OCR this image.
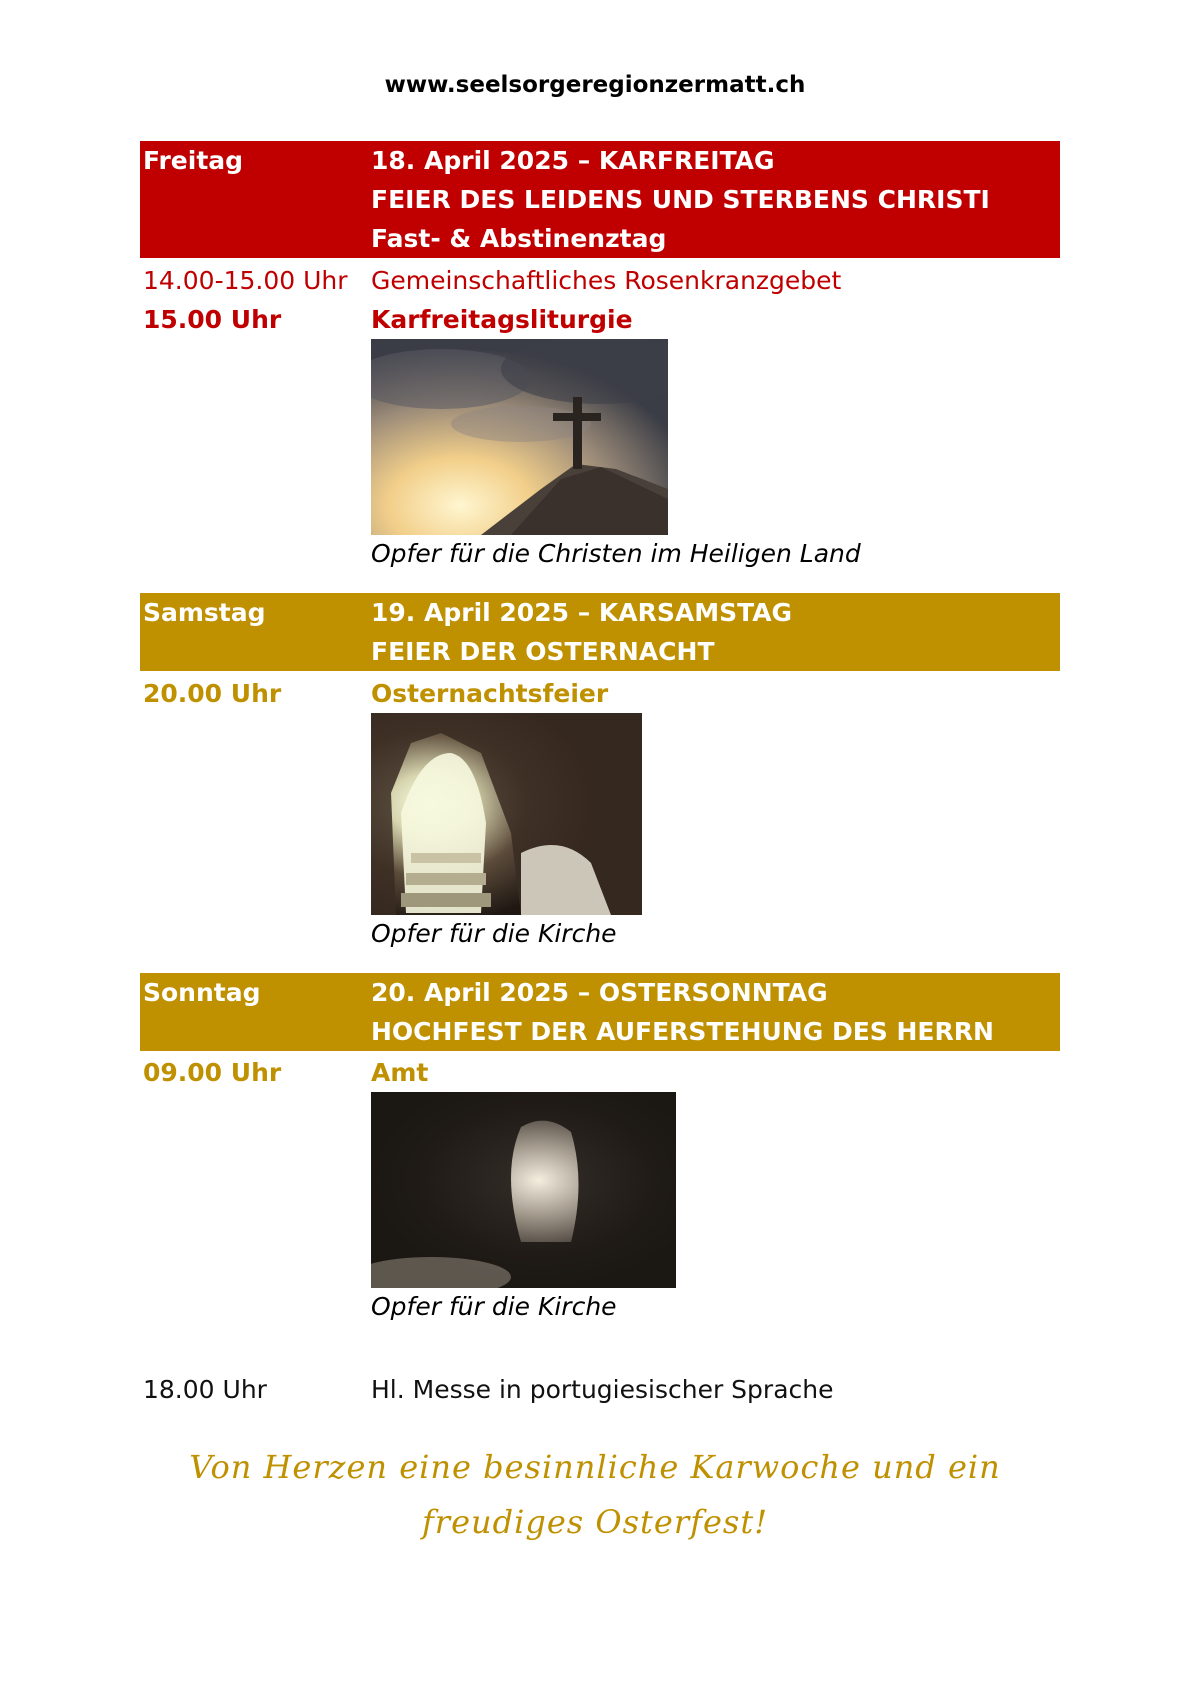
www.seelsorgeregionzermatt.ch
Freitag	18. April 2025 – KARFREITAG
FEIER DES LEIDENS UND STERBENS CHRISTI
Fast- & Abstinenztag
14.00-15.00 Uhr Gemeinschaftliches Rosenkranzgebet
15.00 Uhr	Karfreitagsliturgie
Opfer für die Christen im Heiligen Land
Samstag	19. April 2025 – KARSAMSTAG
FEIER DER OSTERNACHT
20.00 Uhr	Osternachtsfeier
Opfer für die Kirche
Sonntag	20. April 2025 – OSTERSONNTAG
HOCHFEST DER AUFERSTEHUNG DES HERRN
09.00 Uhr	Amt
Opfer für die Kirche
18.00 Uhr	Hl. Messe in portugiesischer Sprache
Von Herzen eine besinnliche Karwoche und ein
freudiges Osterfest!
